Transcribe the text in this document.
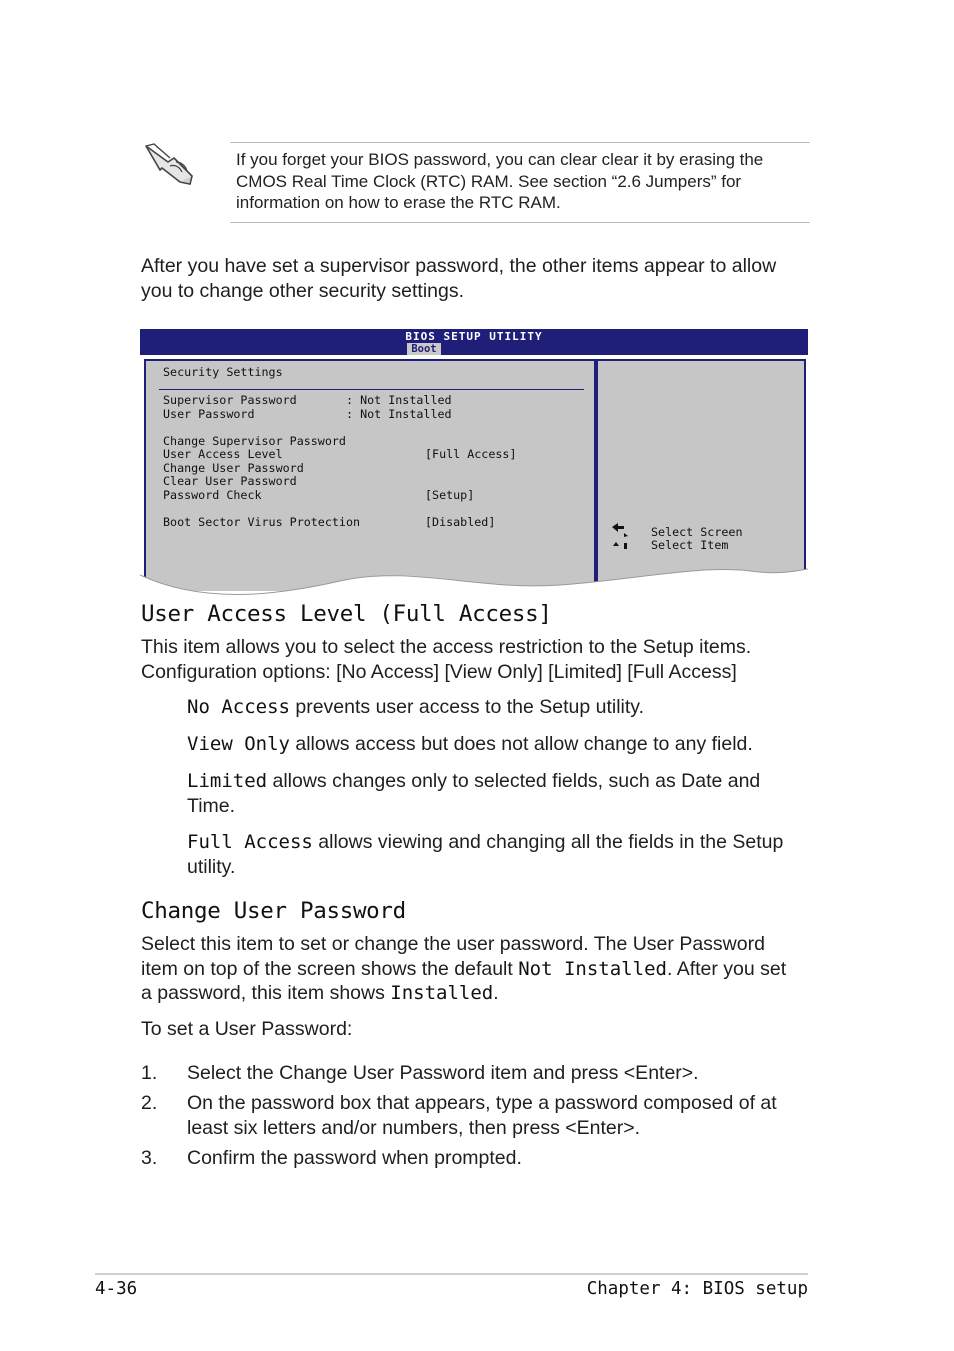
If you forget your BIOS password, you can clear clear it by erasing the
CMOS Real Time Clock (RTC) RAM. See section “2.6 Jumpers” for
information on how to erase the RTC RAM.
After you have set a supervisor password, the other items appear to allow
you to change other security settings.
BIOS SETUP UTILITY
Boot
Security Settings
Supervisor Password	: Not Installed
User Password	: Not Installed
Change Supervisor Password
User Access Level	[Full Access]
Change User Password
Clear User Password
Password Check	[Setup]
Boot Sector Virus Protection	[Disabled]
Select Screen
Select Item
User Access Level (Full Access]
This item allows you to select the access restriction to the Setup items.
Configuration options: [No Access] [View Only] [Limited] [Full Access]
No Access prevents user access to the Setup utility.
View Only allows access but does not allow change to any field.
Limited allows changes only to selected fields, such as Date and
Time.
Full Access allows viewing and changing all the fields in the Setup
utility.
Change User Password
Select this item to set or change the user password. The User Password
item on top of the screen shows the default Not Installed. After you set
a password, this item shows Installed.
To set a User Password:
1. Select the Change User Password item and press <Enter>.
2. On the password box that appears, type a password composed of at
least six letters and/or numbers, then press <Enter>.
3. Confirm the password when prompted.
4-36	Chapter 4: BIOS setup
